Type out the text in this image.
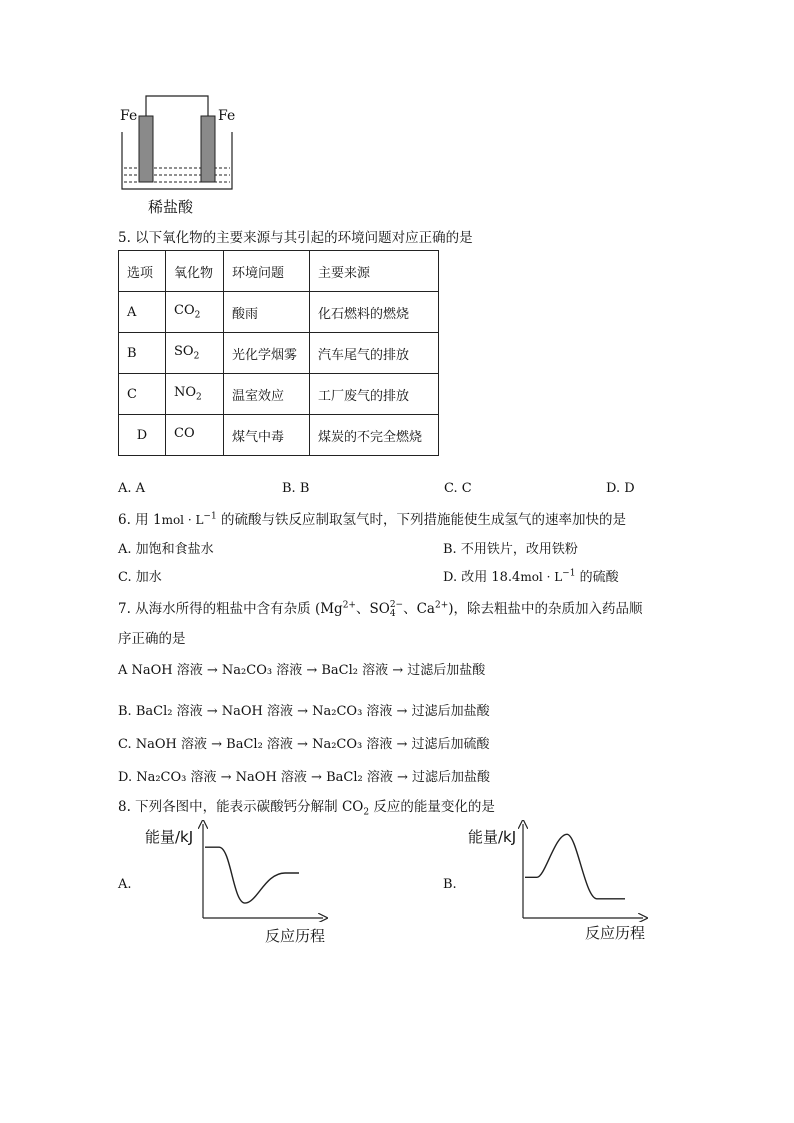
Fe	Fe
稀盐酸
5. 以下氧化物的主要来源与其引起的环境问题对应正确的是
选项	氧化物	环境问题	主要来源
A	$CO_2$	酸雨	化石燃料的燃烧
B	$SO_2$	光化学烟雾	汽车尾气的排放
C	$NO_2$	温室效应	工厂废气的排放
D	CO	煤气中毒	煤炭的不完全燃烧
A. A	B. B	C. C	D. D
6. 用 $1mol \cdot L^{-1}$ 的硫酸与铁反应制取氢气时，下列措施能使生成氢气的速率加快的是
A. 加饱和食盐水	B. 不用铁片，改用铁粉
C. 加水	D. 改用 $18.4mol \cdot L^{-1}$ 的硫酸
7. 从海水所得的粗盐中含有杂质 ($Mg^{2+}$、SO 2−
4 、$Ca^{2+}$)，除去粗盐中的杂质加入药品顺
序正确的是
A NaOH 溶液 → Na₂CO₃ 溶液 → BaCl₂ 溶液 → 过滤后加盐酸
B. BaCl₂ 溶液 → NaOH 溶液 → Na₂CO₃ 溶液 → 过滤后加盐酸
C. NaOH 溶液 → BaCl₂ 溶液 → Na₂CO₃ 溶液 → 过滤后加硫酸
D. Na₂CO₃ 溶液 → NaOH 溶液 → BaCl₂ 溶液 → 过滤后加盐酸
8. 下列各图中，能表示碳酸钙分解制 $CO_2$ 反应的能量变化的是
A.
能量/kJ
反应历程
B.
能量/kJ
反应历程
